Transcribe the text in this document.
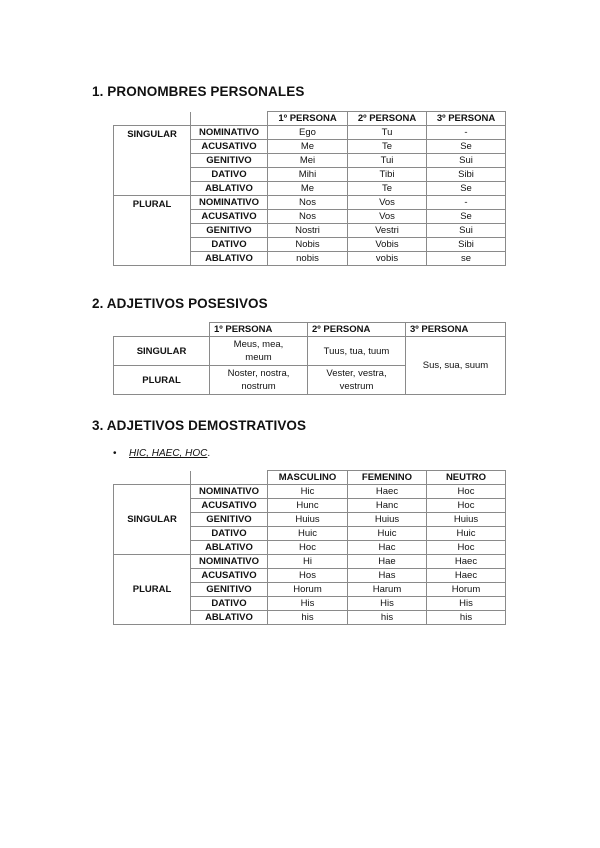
1. PRONOMBRES PERSONALES
		1º PERSONA	2º PERSONA	3º PERSONA
SINGULAR	NOMINATIVO	Ego	Tu	-
	ACUSATIVO	Me	Te	Se
	GENITIVO	Mei	Tui	Sui
	DATIVO	Mihi	Tibi	Sibi
	ABLATIVO	Me	Te	Se
PLURAL	NOMINATIVO	Nos	Vos	-
	ACUSATIVO	Nos	Vos	Se
	GENITIVO	Nostri	Vestri	Sui
	DATIVO	Nobis	Vobis	Sibi
	ABLATIVO	nobis	vobis	se
2. ADJETIVOS POSESIVOS
	1º PERSONA	2º PERSONA	3º PERSONA
SINGULAR	Meus, mea, meum	Tuus, tua, tuum	Sus, sua, suum
PLURAL	Noster, nostra, nostrum	Vester, vestra, vestrum	
3. ADJETIVOS DEMOSTRATIVOS
• HIC, HAEC, HOC.
		MASCULINO	FEMENINO	NEUTRO
SINGULAR	NOMINATIVO	Hic	Haec	Hoc
	ACUSATIVO	Hunc	Hanc	Hoc
	GENITIVO	Huius	Huius	Huius
	DATIVO	Huic	Huic	Huic
	ABLATIVO	Hoc	Hac	Hoc
PLURAL	NOMINATIVO	Hi	Hae	Haec
	ACUSATIVO	Hos	Has	Haec
	GENITIVO	Horum	Harum	Horum
	DATIVO	His	His	His
	ABLATIVO	his	his	his
